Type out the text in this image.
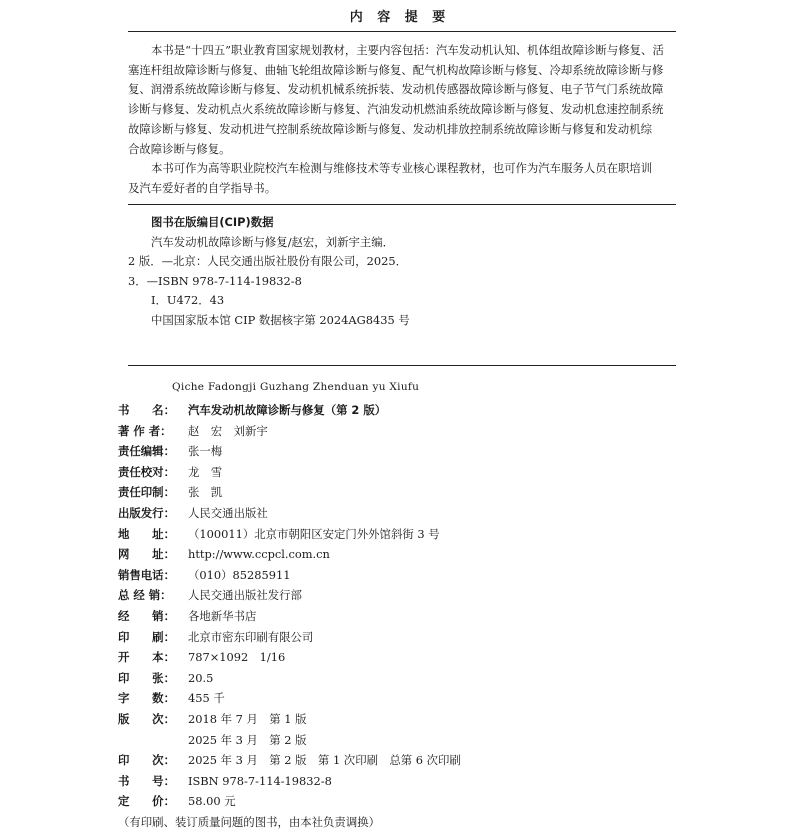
内 容 提 要

本书是“十四五”职业教育国家规划教材，主要内容包括：汽车发动机认知、机体组故障诊断与修复、活

塞连杆组故障诊断与修复、曲轴飞轮组故障诊断与修复、配气机构故障诊断与修复、冷却系统故障诊断与修

复、润滑系统故障诊断与修复、发动机机械系统拆装、发动机传感器故障诊断与修复、电子节气门系统故障

诊断与修复、发动机点火系统故障诊断与修复、汽油发动机燃油系统故障诊断与修复、发动机怠速控制系统

故障诊断与修复、发动机进气控制系统故障诊断与修复、发动机排放控制系统故障诊断与修复和发动机综

合故障诊断与修复。

本书可作为高等职业院校汽车检测与维修技术等专业核心课程教材，也可作为汽车服务人员在职培训

及汽车爱好者的自学指导书。

图书在版编目(CIP)数据
汽车发动机故障诊断与修复/赵宏，刘新宇主编．
2 版．—北京：人民交通出版社股份有限公司，2025．
3．—ISBN 978-7-114-19832-8
Ⅰ．U472．43
中国国家版本馆 CIP 数据核字第 2024AG8435 号
Qiche Fadongji Guzhang Zhenduan yu Xiufu
书　　名： 汽车发动机故障诊断与修复（第 2 版）
著 作 者： 赵　宏　刘新宇
责任编辑： 张一梅
责任校对： 龙　雪
责任印制： 张　凯
出版发行： 人民交通出版社
地　　址： （100011）北京市朝阳区安定门外外馆斜街 3 号
网　　址： http://www.ccpcl.com.cn
销售电话： （010）85285911
总 经 销： 人民交通出版社发行部
经　　销： 各地新华书店
印　　刷： 北京市密东印刷有限公司
开　　本： 787×1092　1/16
印　　张： 20.5
字　　数： 455 千
版　　次： 2018 年 7 月　第 1 版
2025 年 3 月　第 2 版
印　　次： 2025 年 3 月　第 2 版　第 1 次印刷　总第 6 次印刷
书　　号： ISBN 978-7-114-19832-8
定　　价： 58.00 元
（有印刷、装订质量问题的图书，由本社负责调换）
